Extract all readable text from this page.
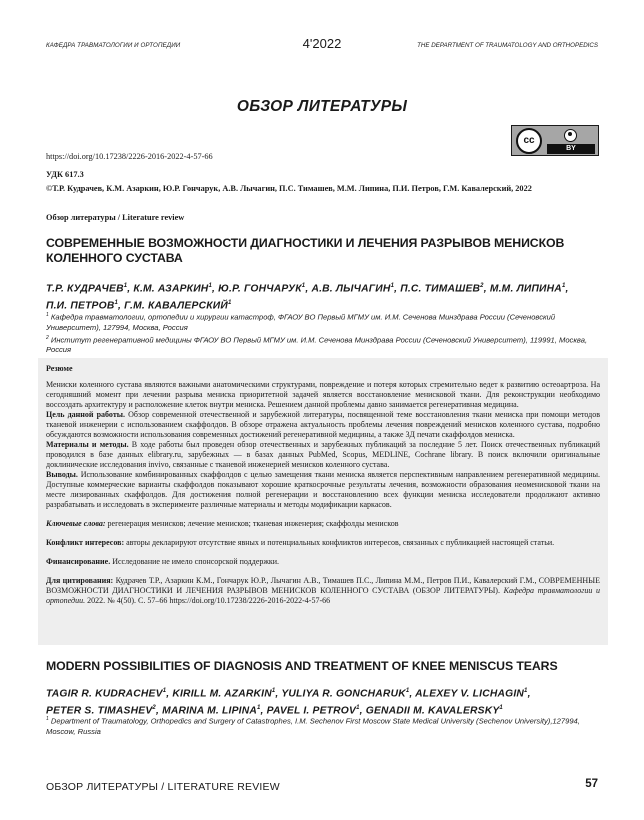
КАФЕДРА ТРАВМАТОЛОГИИ И ОРТОПЕДИИ	4'2022	THE DEPARTMENT OF TRAUMATOLOGY AND ORTHOPEDICS
ОБЗОР ЛИТЕРАТУРЫ
cc
BY
https://doi.org/10.17238/2226-2016-2022-4-57-66
УДК 617.3
©Т.Р. Кудрачев, К.М. Азаркин, Ю.Р. Гончарук, А.В. Лычагин, П.С. Тимашев, М.М. Липина, П.И. Петров, Г.М. Кавалерский, 2022
Обзор литературы / Literature review
СОВРЕМЕННЫЕ ВОЗМОЖНОСТИ ДИАГНОСТИКИ И ЛЕЧЕНИЯ РАЗРЫВОВ МЕНИСКОВ КОЛЕННОГО СУСТАВА
Т.Р. КУДРАЧЕВ$^1$, К.М. АЗАРКИН$^1$, Ю.Р. ГОНЧАРУК$^1$, А.В. ЛЫЧАГИН$^1$, П.С. ТИМАШЕВ$^2$, М.М. ЛИПИНА$^1$,
П.И. ПЕТРОВ$^1$, Г.М. КАВАЛЕРСКИЙ$^1$

$^1$ Кафедра травматологии, ортопедии и хирургии катастроф, ФГАОУ ВО Первый МГМУ им. И.М. Сеченова Минздрава России (Сеченовский Университет), 127994, Москва, Россия

$^2$ Институт регенеративной медицины ФГАОУ ВО Первый МГМУ им. И.М. Сеченова Минздрава России (Сеченовский Университет), 119991, Москва, Россия

Резюме

Мениски коленного сустава являются важными анатомическими структурами, повреждение и потеря которых стремительно ведет к развитию остеоартроза. На сегодняшний момент при лечении разрыва мениска приоритетной задачей является восстановление менисковой ткани. Для реконструкции необходимо воссоздать архитектуру и расположение клеток внутри мениска. Решением данной проблемы давно занимается регенеративная медицина.

Цель данной работы. Обзор современной отечественной и зарубежной литературы, посвященной теме восстановления ткани мениска при помощи методов тканевой инженерии с использованием скаффолдов. В обзоре отражена актуальность проблемы лечения повреждений менисков коленного сустава, подробно обсуждаются возможности использования современных достижений регенеративной медицины, а также 3Д печати скаффолдов мениска.

Материалы и методы. В ходе работы был проведен обзор отечественных и зарубежных публикаций за последние 5 лет. Поиск отечественных публикаций проводился в базе данных elibrary.ru, зарубежных — в базах данных PubMed, Scopus, MEDLINE, Cochrane library. В поиск включили оригинальные доклинические исследования invivo, связанные с тканевой инженерией менисков коленного сустава.

Выводы. Использование комбинированных скаффолдов с целью замещения ткани мениска является перспективным направлением регенеративной медицины. Доступные коммерческие варианты скаффолдов показывают хорошие краткосрочные результаты лечения, возможности образования неоменисковой ткани на месте лизированных скаффолдов. Для достижения полной регенерации и восстановлению всех функции мениска исследователи продолжают активно разрабатывать и исследовать в эксперименте различные материалы и методы модификации каркасов.

Ключевые слова: регенерация менисков; лечение менисков; тканевая инженерия; скаффолды менисков

Конфликт интересов: авторы декларируют отсутствие явных и потенциальных конфликтов интересов, связанных с публикацией настоящей статьи.

Финансирование. Исследование не имело спонсорской поддержки.

Для цитирования: Кудрачев Т.Р., Азаркин К.М., Гончарук Ю.Р., Лычагин А.В., Тимашев П.С., Липина М.М., Петров П.И., Кавалерский Г.М., СОВРЕМЕННЫЕ ВОЗМОЖНОСТИ ДИАГНОСТИКИ И ЛЕЧЕНИЯ РАЗРЫВОВ МЕНИСКОВ КОЛЕННОГО СУСТАВА (ОБЗОР ЛИТЕРАТУРЫ). Кафедра травматологии и ортопедии. 2022. № 4(50). С. 57–66 https://doi.org/10.17238/2226-2016-2022-4-57-66

MODERN POSSIBILITIES OF DIAGNOSIS AND TREATMENT OF KNEE MENISCUS TEARS
TAGIR R. KUDRACHEV$^1$, KIRILL M. AZARKIN$^1$, YULIYA R. GONCHARUK$^1$, ALEXEY V. LICHAGIN$^1$,
PETER S. TIMASHEV$^2$, MARINA M. LIPINA$^1$, PAVEL I. PETROV$^1$, GENADII M. KAVALERSKY$^1$

$^1$ Department of Traumatology, Orthopedics and Surgery of Catastrophes, I.M. Sechenov First Moscow State Medical University (Sechenov University),127994, Moscow, Russia

ОБЗОР ЛИТЕРАТУРЫ / LITERATURE REVIEW	57
